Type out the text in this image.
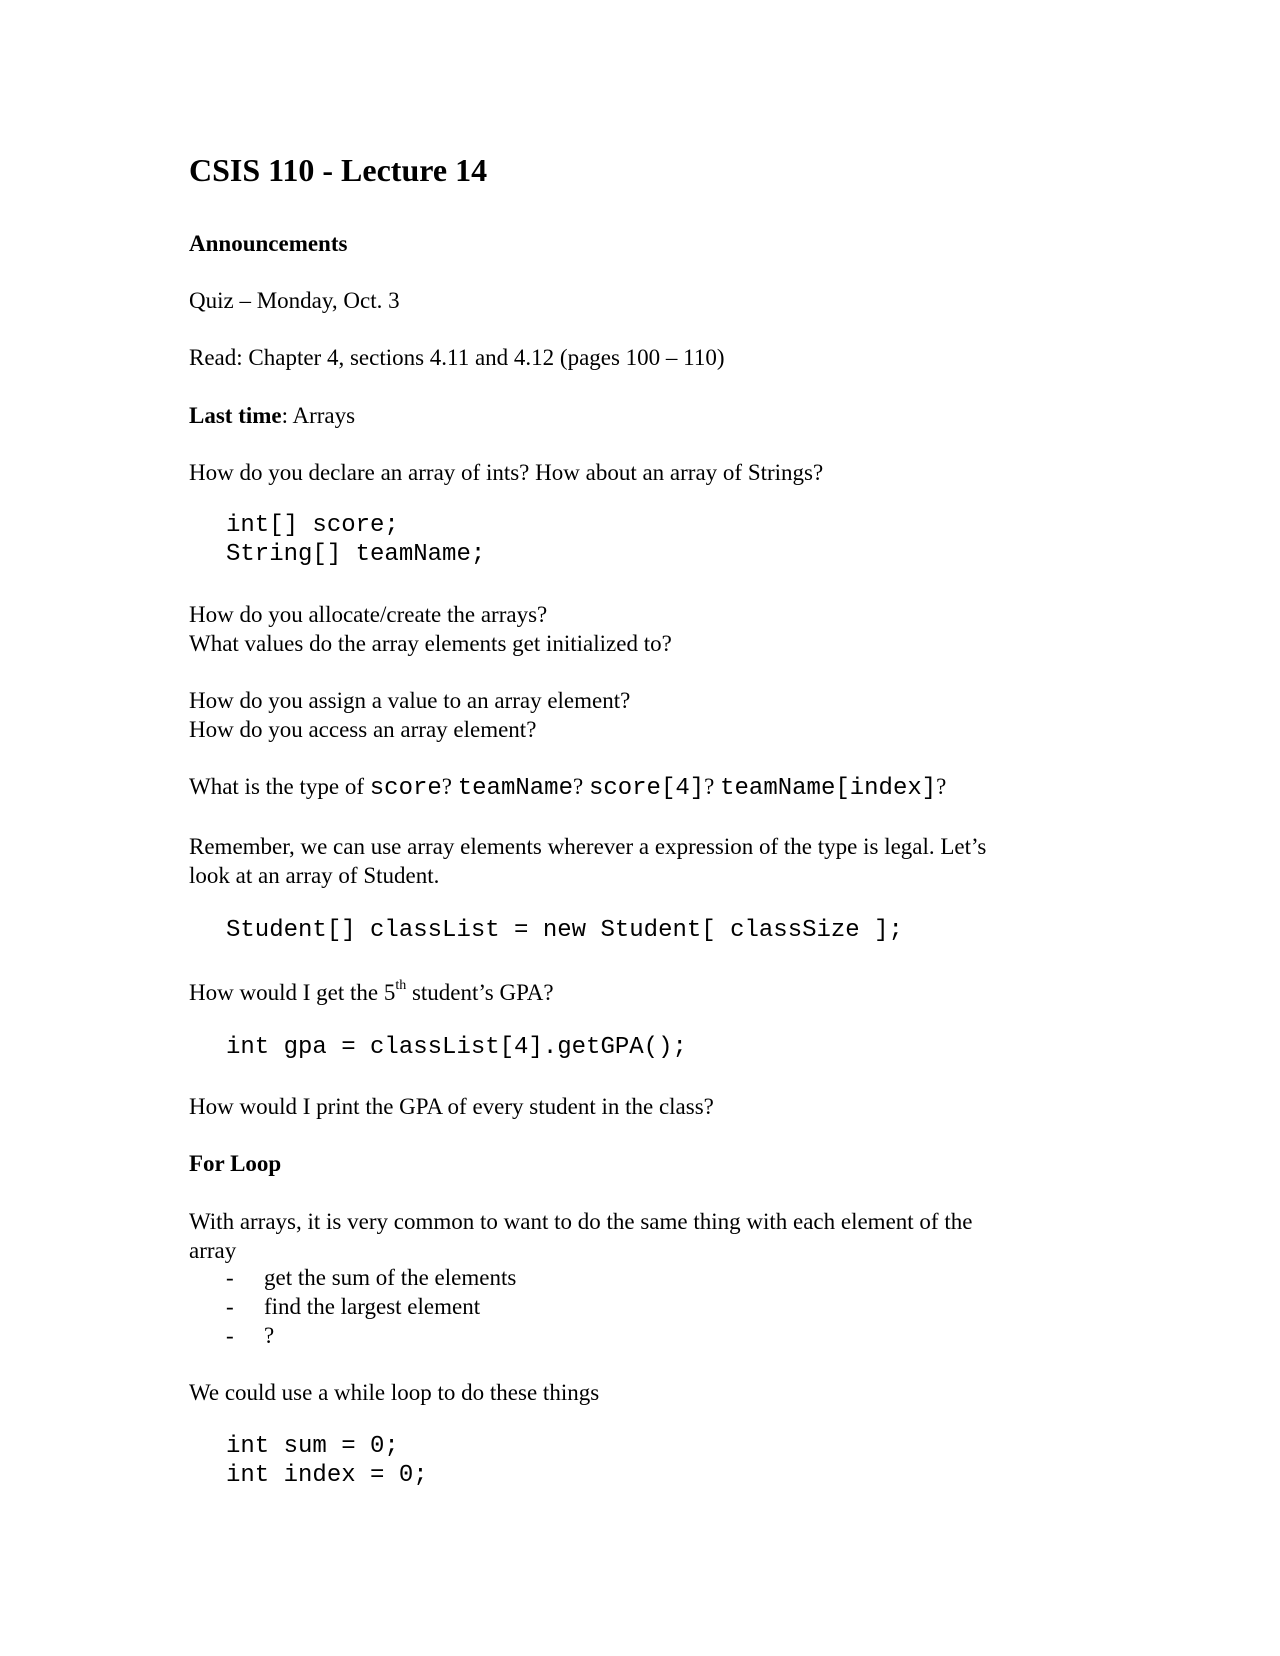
CSIS 110 - Lecture 14
Announcements
Quiz – Monday, Oct. 3
Read: Chapter 4, sections 4.11 and 4.12 (pages 100 – 110)
Last time: Arrays
How do you declare an array of ints? How about an array of Strings?
int[] score;
String[] teamName;
How do you allocate/create the arrays?
What values do the array elements get initialized to?
How do you assign a value to an array element?
How do you access an array element?
What is the type of score? teamName? score[4]? teamName[index]?
Remember, we can use array elements wherever a expression of the type is legal. Let’s
look at an array of Student.
Student[] classList = new Student[ classSize ];
How would I get the 5th student’s GPA?
int gpa = classList[4].getGPA();
How would I print the GPA of every student in the class?
For Loop
With arrays, it is very common to want to do the same thing with each element of the
array
- get the sum of the elements
- find the largest element
- ?
We could use a while loop to do these things
int sum = 0;
int index = 0;
